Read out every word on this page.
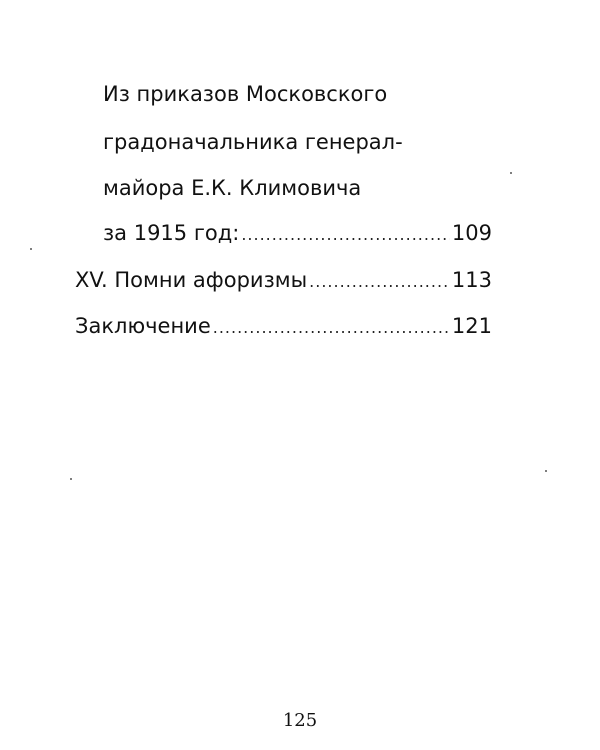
Из приказов Московского
градоначальника генерал-
майора Е.К. Климовича
за 1915 год: .....	109
XV. Помни афоризмы .....	113
Заключение .....	121
125
